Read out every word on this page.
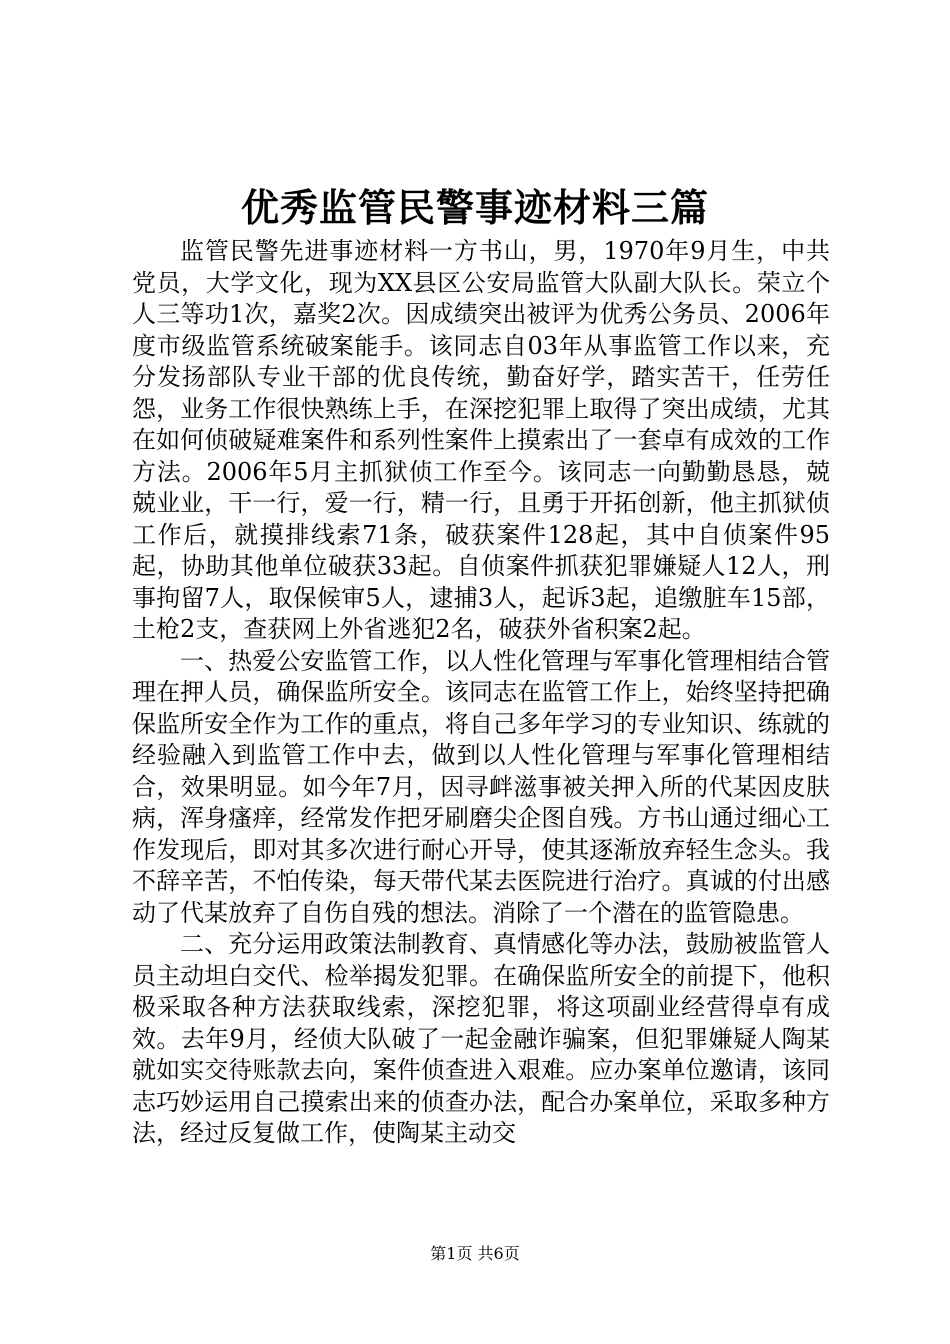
优秀监管民警事迹材料三篇

监管民警先进事迹材料一方书山，男，1970年9月生，中共党员，大学文化，现为XX县区公安局监管大队副大队长。荣立个人三等功1次，嘉奖2次。因成绩突出被评为优秀公务员、2006年度市级监管系统破案能手。该同志自03年从事监管工作以来，充分发扬部队专业干部的优良传统，勤奋好学，踏实苦干，任劳任怨，业务工作很快熟练上手，在深挖犯罪上取得了突出成绩，尤其在如何侦破疑难案件和系列性案件上摸索出了一套卓有成效的工作方法。2006年5月主抓狱侦工作至今。该同志一向勤勤恳恳，兢兢业业，干一行，爱一行，精一行，且勇于开拓创新，他主抓狱侦工作后，就摸排线索71条，破获案件128起，其中自侦案件95起，协助其他单位破获33起。自侦案件抓获犯罪嫌疑人12人，刑事拘留7人，取保候审5人，逮捕3人，起诉3起，追缴脏车15部，土枪2支，查获网上外省逃犯2名，破获外省积案2起。

一、热爱公安监管工作，以人性化管理与军事化管理相结合管理在押人员，确保监所安全。该同志在监管工作上，始终坚持把确保监所安全作为工作的重点，将自己多年学习的专业知识、练就的经验融入到监管工作中去，做到以人性化管理与军事化管理相结合，效果明显。如今年7月，因寻衅滋事被关押入所的代某因皮肤病，浑身瘙痒，经常发作把牙刷磨尖企图自残。方书山通过细心工作发现后，即对其多次进行耐心开导，使其逐渐放弃轻生念头。我不辞辛苦，不怕传染，每天带代某去医院进行治疗。真诚的付出感动了代某放弃了自伤自残的想法。消除了一个潜在的监管隐患。

二、充分运用政策法制教育、真情感化等办法，鼓励被监管人员主动坦白交代、检举揭发犯罪。在确保监所安全的前提下，他积极采取各种方法获取线索，深挖犯罪，将这项副业经营得卓有成效。去年9月，经侦大队破了一起金融诈骗案，但犯罪嫌疑人陶某就如实交待账款去向，案件侦查进入艰难。应办案单位邀请，该同志巧妙运用自己摸索出来的侦查办法，配合办案单位，采取多种方法，经过反复做工作，使陶某主动交

第1页 共6页
